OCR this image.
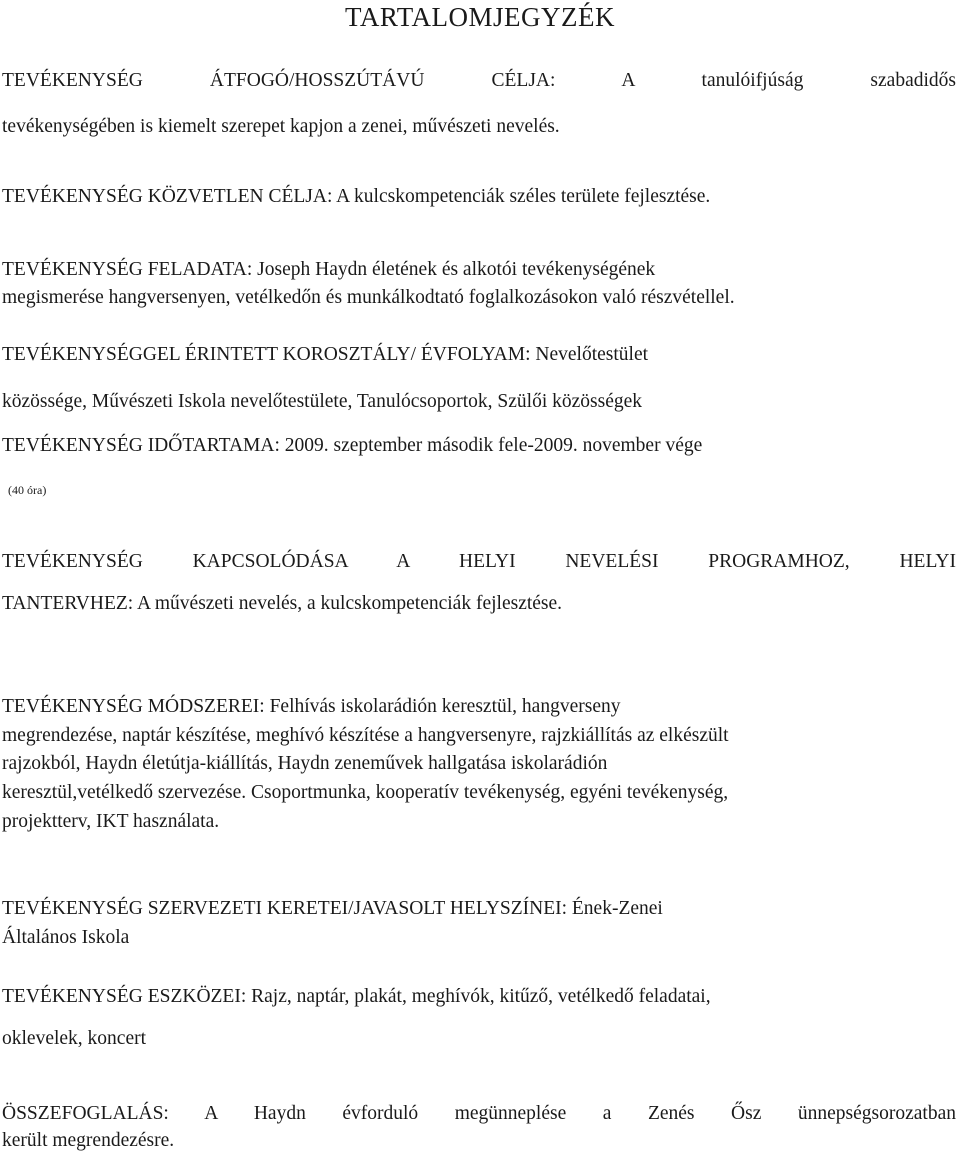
TARTALOMJEGYZÉK
TEVÉKENYSÉG ÁTFOGÓ/HOSSZÚTÁVÚ CÉLJA: A tanulóifjúság szabadidős
tevékenységében is kiemelt szerepet kapjon a zenei, művészeti nevelés.
TEVÉKENYSÉG KÖZVETLEN CÉLJA: A kulcskompetenciák széles területe fejlesztése.
TEVÉKENYSÉG FELADATA: Joseph Haydn életének és alkotói tevékenységének
megismerése hangversenyen, vetélkedőn és munkálkodtató foglalkozásokon való részvétellel.
TEVÉKENYSÉGGEL ÉRINTETT KOROSZTÁLY/ ÉVFOLYAM: Nevelőtestület
közössége, Művészeti Iskola nevelőtestülete, Tanulócsoportok, Szülői közösségek
TEVÉKENYSÉG IDŐTARTAMA: 2009. szeptember második fele-2009. november vége
(40 óra)
TEVÉKENYSÉG KAPCSOLÓDÁSA A HELYI NEVELÉSI PROGRAMHOZ, HELYI
TANTERVHEZ: A művészeti nevelés, a kulcskompetenciák fejlesztése.
TEVÉKENYSÉG MÓDSZEREI: Felhívás iskolarádión keresztül, hangverseny
megrendezése, naptár készítése, meghívó készítése a hangversenyre, rajzkiállítás az elkészült
rajzokból, Haydn életútja-kiállítás, Haydn zeneművek hallgatása iskolarádión
keresztül,vetélkedő szervezése. Csoportmunka, kooperatív tevékenység, egyéni tevékenység,
projektterv, IKT használata.
TEVÉKENYSÉG SZERVEZETI KERETEI/JAVASOLT HELYSZÍNEI: Ének-Zenei
Általános Iskola
TEVÉKENYSÉG ESZKÖZEI: Rajz, naptár, plakát, meghívók, kitűző, vetélkedő feladatai,
oklevelek, koncert
ÖSSZEFOGLALÁS: A Haydn évforduló megünneplése a Zenés Ősz ünnepségsorozatban
került megrendezésre.
